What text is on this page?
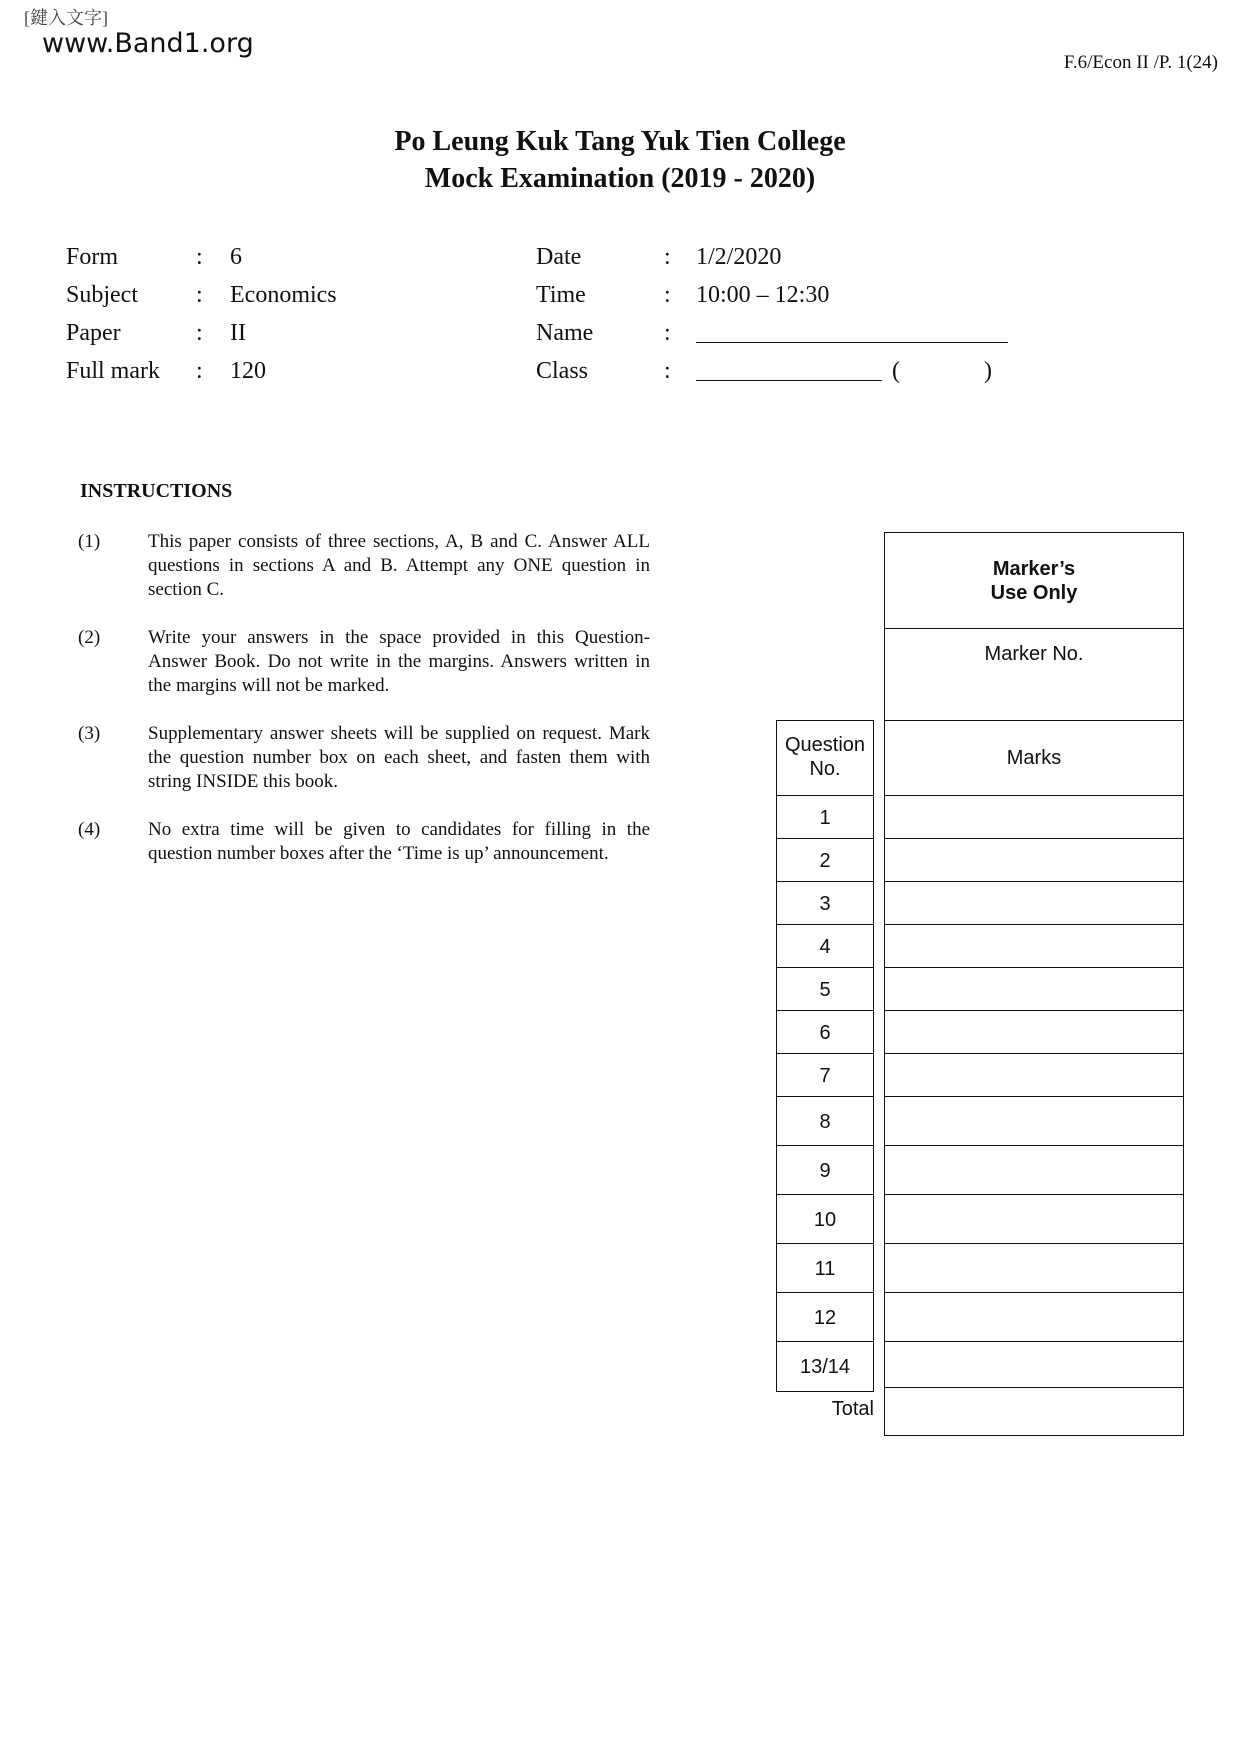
[鍵入文字]
www.Band1.org
F.6/Econ II /P. 1(24)
Po Leung Kuk Tang Yuk Tien College
Mock Examination (2019 - 2020)
Form	: 6
Subject : Economics
Paper	: II
Full mark : 120
Date	: 1/2/2020
Time	: 10:00 – 12:30
Name	:
Class	:	(	)
INSTRUCTIONS
(1)	This paper consists of three sections, A, B and C. Answer ALL questions in sections A and B. Attempt any ONE question in section C.
(2)	Write your answers in the space provided in this Question-Answer Book. Do not write in the margins. Answers written in the margins will not be marked.
(3)	Supplementary answer sheets will be supplied on request. Mark the question number box on each sheet, and fasten them with string INSIDE this book.
(4)	No extra time will be given to candidates for filling in the question number boxes after the ‘Time is up’ announcement.
Marker’s
Use Only
Marker No.
Question
No.	Marks
1
2
3
4
5
6
7
8
9
10
11
12
13/14
Total
